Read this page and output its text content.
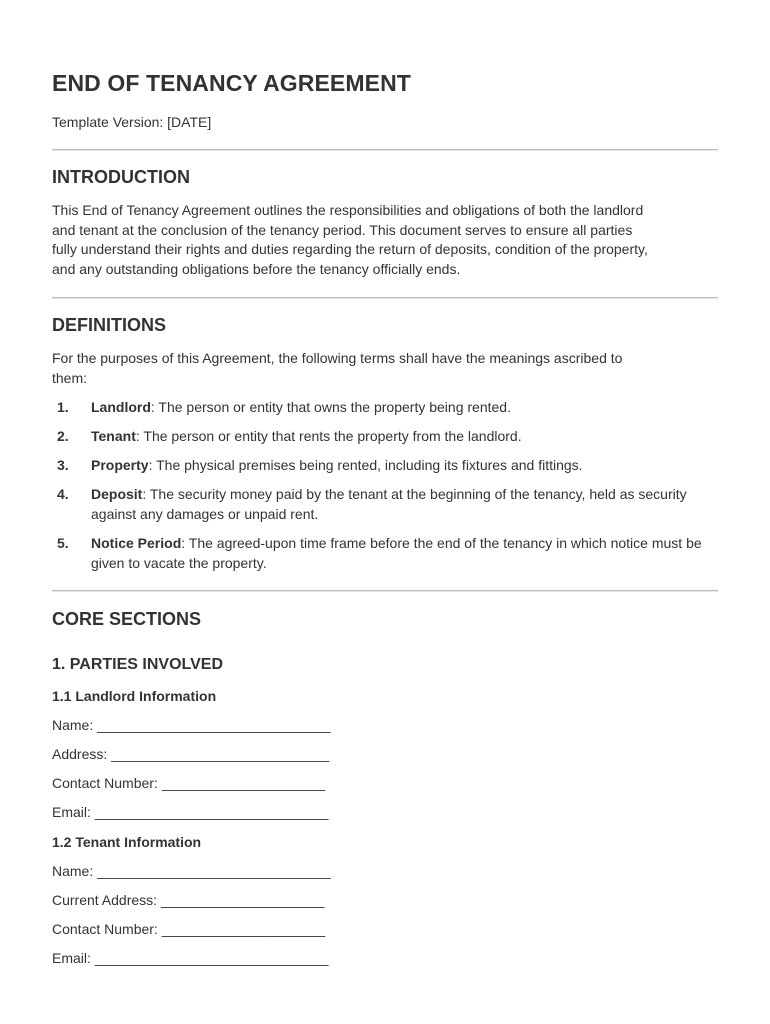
END OF TENANCY AGREEMENT

Template Version: [DATE]

INTRODUCTION
This End of Tenancy Agreement outlines the responsibilities and obligations of both the landlord
and tenant at the conclusion of the tenancy period. This document serves to ensure all parties
fully understand their rights and duties regarding the return of deposits, condition of the property,
and any outstanding obligations before the tenancy officially ends.
DEFINITIONS
For the purposes of this Agreement, the following terms shall have the meanings ascribed to
them:
1. Landlord: The person or entity that owns the property being rented.
2. Tenant: The person or entity that rents the property from the landlord.
3. Property: The physical premises being rented, including its fixtures and fittings.
4. Deposit: The security money paid by the tenant at the beginning of the tenancy, held as security against any damages or unpaid rent.
5. Notice Period: The agreed-upon time frame before the end of the tenancy in which notice must be given to vacate the property.
CORE SECTIONS
1. PARTIES INVOLVED
1.1 Landlord Information

Name: ______________________________

Address: ____________________________

Contact Number: _____________________

Email: ______________________________

1.2 Tenant Information

Name: ______________________________

Current Address: _____________________

Contact Number: _____________________

Email: ______________________________
